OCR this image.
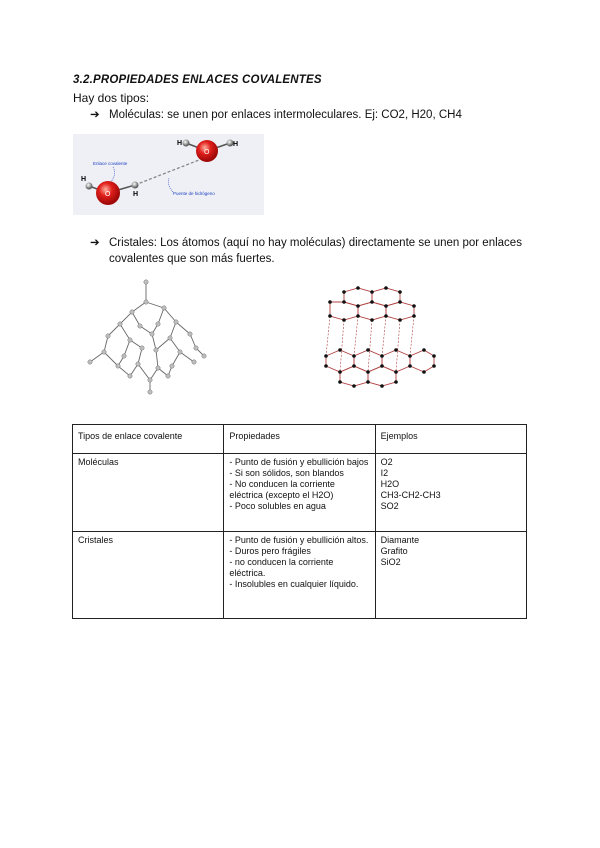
3.2.PROPIEDADES ENLACES COVALENTES
Hay dos tipos:
➔ Moléculas: se unen por enlaces intermoleculares. Ej: CO2, H20, CH4
O
H	H
O
H
H
Enlace covalente
Puente de hidrógeno
➔ Cristales: Los átomos (aquí no hay moléculas) directamente se unen por enlaces covalentes que son más fuertes.
Tipos de enlace covalente	Propiedades	Ejemplos
Moléculas	- Punto de fusión y ebullición bajos
- Si son sólidos, son blandos
- No conducen la corriente eléctrica (excepto el H2O)
- Poco solubles en agua	O2
I2
H2O
CH3-CH2-CH3
SO2

Cristales	- Punto de fusión y ebullición altos.
- Duros pero frágiles
- no conducen la corriente eléctrica.
- Insolubles en cualquier líquido.	Diamante
Grafito
SiO2
